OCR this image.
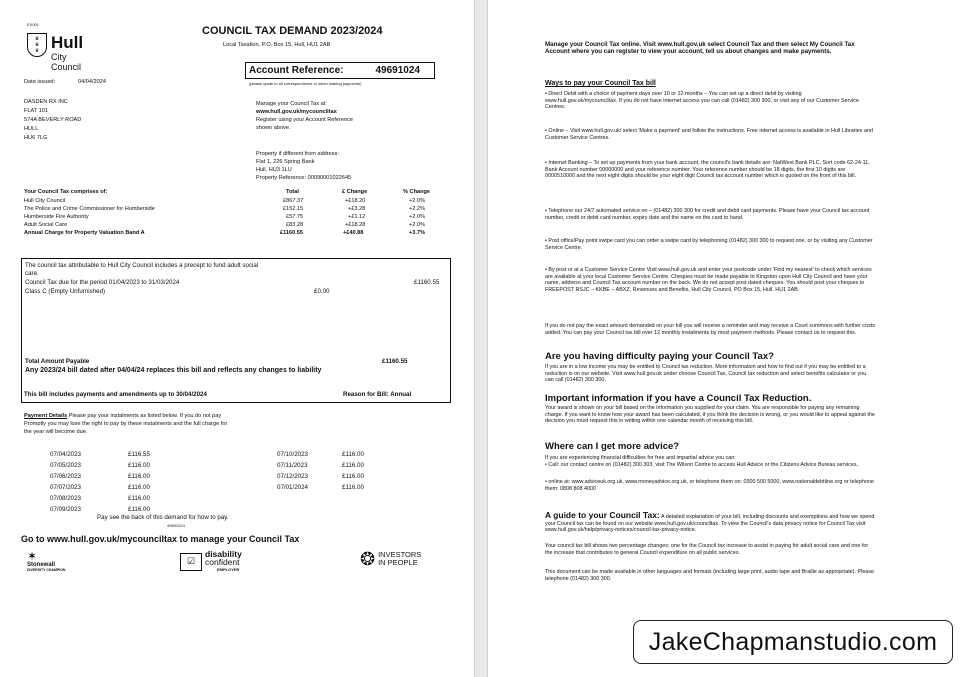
EX001
♛
♛
♛ Hull
City Council
COUNCIL TAX DEMAND 2023/2024
Local Taxation, P.O. Box 15, Hull, HU1 2AB
Account Reference:	49691024
(please quote in all correspondence or when making payments)
Date issued:	04/04/2024
DASDEN RX INC
FLAT 101
574A BEVERLY ROAD
HULL
HU6 7LG
Manage your Council Tax at:
www.hull.gov.uk/mycounciltax
Register using your Account Reference
shown above.
Property if different from address:
Flat 1, 226 Spring Bank
Hull, HU3 1LU
Property Reference: 00090001022645
Your Council Tax comprises of:	Total	£ Change	% Change
Hull City Council	£867.37	+£18.20	+2.0%
The Police and Crime Commissioner for Humberside	£152.15	+£3.28	+2.2%
Humberside Fire Authority	£57.75	+£1.12	+2.0%
Adult Social Care	£83.28	+£18.28	+2.0%
Annual Charge for Property Valuation Band A	£1160.55	+£40.88	+3.7%
The council tax attributable to Hull City Council includes a precept to fund adult social
care.
Council Tax due for the period 01/04/2023 to 31/03/2024	£1160.55
Class C (Empty Unfurnished)	£0.00
Total Amount Payable	£1160.55
Any 2023/24 bill dated after 04/04/24 replaces this bill and reflects any changes to liability
This bill includes payments and amendments up to 30/04/2024	Reason for Bill: Annual
Payment Details Please pay your instalments as listed below. If you do not pay
Promptly you may lose the right to pay by these instalments and the full charge for
the year will become due.
07/04/2023	£116.55
07/05/2023	£116.00
07/06/2023	£116.00
07/07/2023	£116.00
07/08/2023	£116.00
07/09/2023	£116.00
07/10/2023	£116.00
07/11/2023	£116.00
07/12/2023	£116.00
07/01/2024	£116.00
Pay see the back of this demand for how to pay.
49691024
Go to www.hull.gov.uk/mycounciltax to manage your Council Tax
✶
Stonewall
DIVERSITY CHAMPION
☑
disability
confident
EMPLOYER
❂ INVESTORS
IN PEOPLE
Manage your Council Tax online. Visit www.hull.gov.uk select Council Tax and then select My Council Tax Account where you can register to view your account, tell us about changes and make payments.
Ways to pay your Council Tax bill
• Direct Debit with a choice of payment days over 10 or 12 months – You can set up a direct debit by visiting www.hull.gov.uk/mycounciltax. If you do not have internet access you can call (01482) 300 300, or visit any of our Customer Service Centres.
• Online – Visit www.hull.gov.uk/ select 'Make a payment' and follow the instructions. Free internet access is available in Hull Libraries and Customer Service Centres.
• Internet Banking – To set up payments from your bank account, the council's bank details are: NatWest Bank PLC, Sort code 62-24-11, Bank Account number 00000000 and your reference number. Your reference number should be 18 digits, the first 10 digits are 0000510000 and the next eight digits should be your eight digit Council tax account number which is quoted on the front of this bill.
• Telephone our 24/7 automated service on – (01482) 300 300 for credit and debit card payments. Please have your Council tax account number, credit or debit card number, expiry date and the name on the card to hand.
• Post office/Pay point swipe card you can order a swipe card by telephoning (01482) 300 300 to request one, or by visiting any Customer Service Centre.
• By post or at a Customer Service Centre Visit www.hull.gov.uk and enter your postcode under 'Find my nearest' to check which services are available at your local Customer Service Centre. Cheques must be made payable to Kingston upon Hull City Council and have your name, address and Council Tax account number on the back. We do not accept post dated cheques. You should post your cheques to FREEPOST RSJC – KKBE – ABXZ, Revenues and Benefits, Hull City Council, PO Box 15, Hull. HU1 2AB.
If you do not pay the exact amount demanded on your bill you will receive a reminder and may receive a Court summons with further costs added. You can pay your Council tax bill over 12 monthly instalments by most payment methods. Please contact us to request this.
Are you having difficulty paying your Council Tax?
If you are in a low income you may be entitled to Council tax reduction. More information and how to find out if you may be entitled to a reduction is on our website. Visit www.hull.gov.uk under choose Council Tax, Council tax reduction and select benefits calculator or you can call (01482) 300 300.
Important information if you have a Council Tax Reduction.
Your award is shown on your bill based on the information you supplied for your claim. You are responsible for paying any remaining charge. If you want to know how your award has been calculated, if you think the decision is wrong, or you would like to appeal against the decision you must request this in writing within one calendar month of receiving this bill.
Where can I get more advice?
If you are experiencing financial difficulties for free and impartial advice you can:
• Call: our contact centre on (01482) 300 303, visit The Wilson Centre to access Hull Advice or the Citizens Advice Bureau services,
• online at: www.adviceuk.org.uk, www.moneyadvice.org.uk, or telephone them on: 0300 500 5000, www.nationaldebtline.org or telephone them: 0808 808 4000
A guide to your Council Tax: A detailed explanation of your bill, including discounts and exemptions and how we spend your Council tax can be found on our website www.hull.gov.uk/counciltax. To view the Council's data privacy notice for Council Tax visit www.hull.gov.uk/help/privacy-notices/council-tax-privacy-notice.
Your council tax bill shows two percentage changes: one for the Council tax increase to assist in paying for adult social care and one for the increase that contributes to general Council expenditure on all public services.
This document can be made available in other languages and formats (including large print, audio tape and Braille as appropriate). Please telephone (01482) 300 300.
JakeChapmanstudio.com
